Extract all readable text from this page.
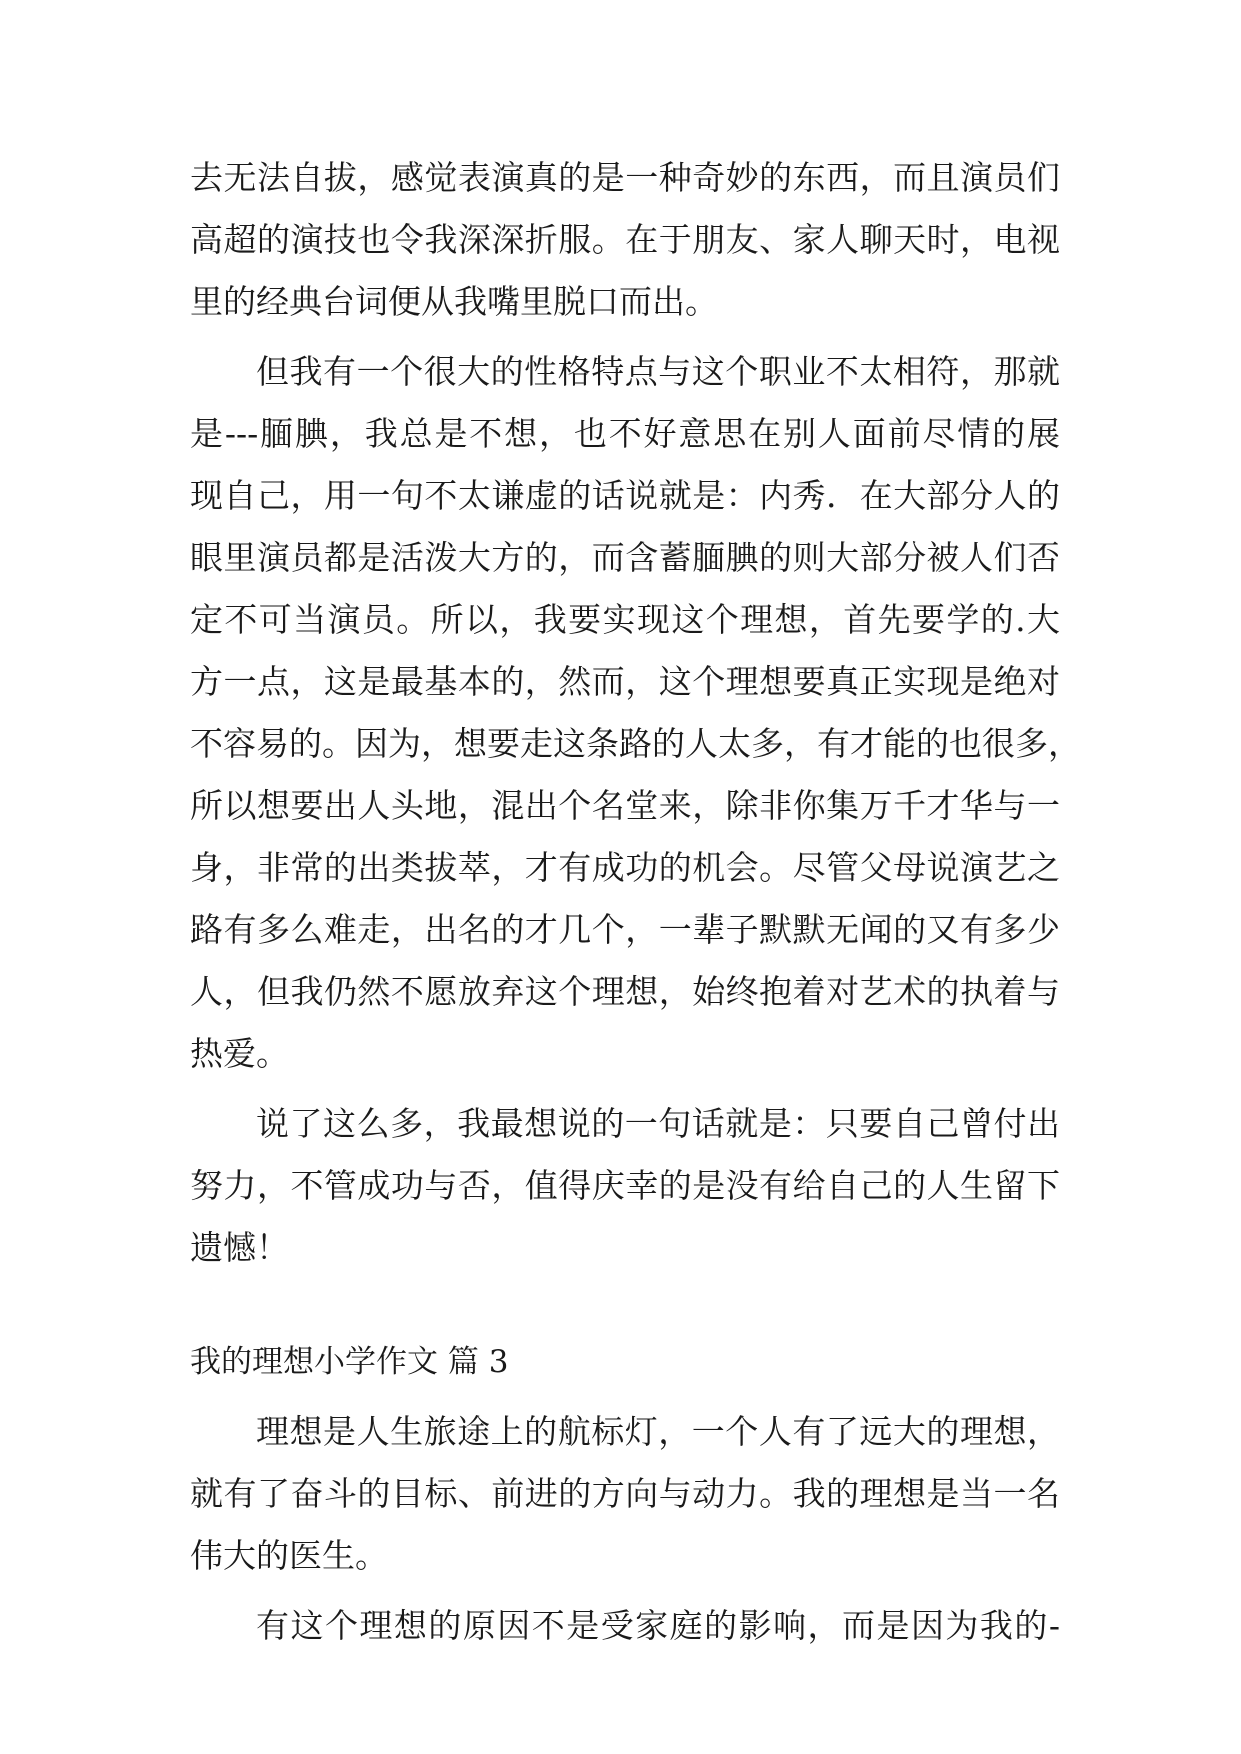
去无法自拔，感觉表演真的是一种奇妙的东西，而且演员们
高超的演技也令我深深折服。在于朋友、家人聊天时，电视
里的经典台词便从我嘴里脱口而出。
但我有一个很大的性格特点与这个职业不太相符，那就
是---腼腆，我总是不想，也不好意思在别人面前尽情的展
现自己，用一句不太谦虚的话说就是：内秀．在大部分人的
眼里演员都是活泼大方的，而含蓄腼腆的则大部分被人们否
定不可当演员。所以，我要实现这个理想，首先要学的.大
方一点，这是最基本的，然而，这个理想要真正实现是绝对
不容易的。因为，想要走这条路的人太多，有才能的也很多，
所以想要出人头地，混出个名堂来，除非你集万千才华与一
身，非常的出类拔萃，才有成功的机会。尽管父母说演艺之
路有多么难走，出名的才几个，一辈子默默无闻的又有多少
人，但我仍然不愿放弃这个理想，始终抱着对艺术的执着与
热爱。
说了这么多，我最想说的一句话就是：只要自己曾付出
努力，不管成功与否，值得庆幸的是没有给自己的人生留下
遗憾！
我的理想小学作文 篇 3
理想是人生旅途上的航标灯，一个人有了远大的理想，
就有了奋斗的目标、前进的方向与动力。我的理想是当一名
伟大的医生。
有这个理想的原因不是受家庭的影响，而是因为我的-
